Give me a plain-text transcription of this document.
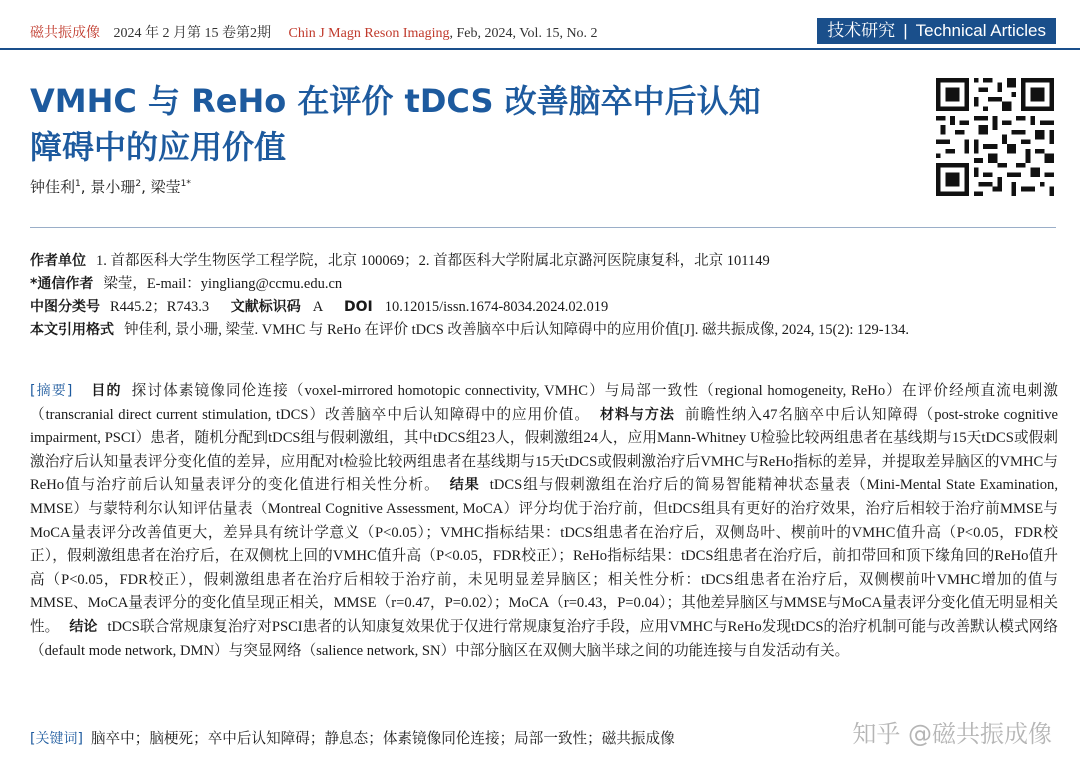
磁共振成像 2024 年 2 月第 15 卷第2期 Chin J Magn Reson Imaging, Feb, 2024, Vol. 15, No. 2	技术研究 | Technical Articles
VMHC 与 ReHo 在评价 tDCS 改善脑卒中后认知障碍中的应用价值
钟佳利$^1$, 景小珊$^2$, 梁莹$^{1*}$
作者单位 1. 首都医科大学生物医学工程学院，北京 100069；2. 首都医科大学附属北京潞河医院康复科，北京 101149
*通信作者 梁莹，E-mail：yingliang@ccmu.edu.cn
中图分类号 R445.2；R743.3 文献标识码 A DOI 10.12015/issn.1674-8034.2024.02.019
本文引用格式 钟佳利, 景小珊, 梁莹. VMHC 与 ReHo 在评价 tDCS 改善脑卒中后认知障碍中的应用价值[J]. 磁共振成像, 2024, 15(2): 129-134.
[摘要] 目的 探讨体素镜像同伦连接（voxel-mirrored homotopic connectivity, VMHC）与局部一致性（regional homogeneity, ReHo）在评价经颅直流电刺激（transcranial direct current stimulation, tDCS）改善脑卒中后认知障碍中的应用价值。 材料与方法 前瞻性纳入47名脑卒中后认知障碍（post-stroke cognitive impairment, PSCI）患者，随机分配到tDCS组与假刺激组，其中tDCS组23人，假刺激组24人，应用Mann-Whitney U检验比较两组患者在基线期与15天tDCS或假刺激治疗后认知量表评分变化值的差异，应用配对t检验比较两组患者在基线期与15天tDCS或假刺激治疗后VMHC与ReHo指标的差异，并提取差异脑区的VMHC与ReHo值与治疗前后认知量表评分的变化值进行相关性分析。 结果 tDCS组与假刺激组在治疗后的简易智能精神状态量表（Mini-Mental State Examination, MMSE）与蒙特利尔认知评估量表（Montreal Cognitive Assessment, MoCA）评分均优于治疗前，但tDCS组具有更好的治疗效果，治疗后相较于治疗前MMSE与MoCA量表评分改善值更大，差异具有统计学意义（P<0.05）；VMHC指标结果：tDCS组患者在治疗后，双侧岛叶、楔前叶的VMHC值升高（P<0.05，FDR校正），假刺激组患者在治疗后，在双侧枕上回的VMHC值升高（P<0.05，FDR校正）；ReHo指标结果：tDCS组患者在治疗后，前扣带回和顶下缘角回的ReHo值升高（P<0.05，FDR校正），假刺激组患者在治疗后相较于治疗前，未见明显差异脑区；相关性分析：tDCS组患者在治疗后，双侧楔前叶VMHC增加的值与MMSE、MoCA量表评分的变化值呈现正相关，MMSE（r=0.47，P=0.02）；MoCA（r=0.43，P=0.04）；其他差异脑区与MMSE与MoCA量表评分变化值无明显相关性。 结论 tDCS联合常规康复治疗对PSCI患者的认知康复效果优于仅进行常规康复治疗手段，应用VMHC与ReHo发现tDCS的治疗机制可能与改善默认模式网络（default mode network, DMN）与突显网络（salience network, SN）中部分脑区在双侧大脑半球之间的功能连接与自发活动有关。
[关键词] 脑卒中；脑梗死；卒中后认知障碍；静息态；体素镜像同伦连接；局部一致性；磁共振成像	知乎 @磁共振成像
